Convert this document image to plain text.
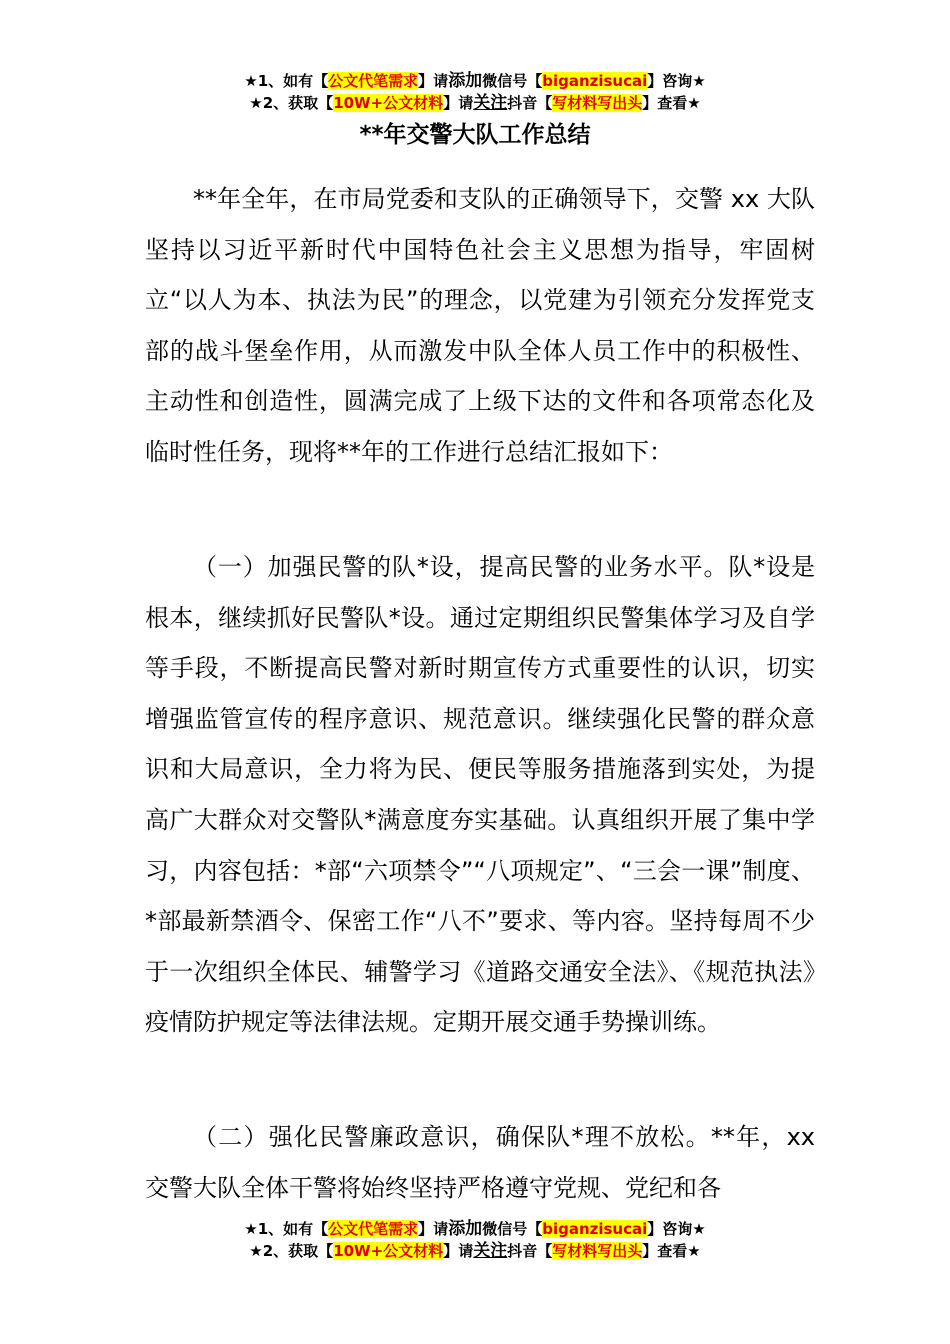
★1、如有【公文代笔需求】请添加微信号【biganzisucai】咨询★
★2、获取【10W+公文材料】请关注抖音【写材料写出头】查看★
**年交警大队工作总结

**年全年，在市局党委和支队的正确领导下，交警 xx 大队坚持以习近平新时代中国特色社会主义思想为指导，牢固树立“以人为本、执法为民”的理念，以党建为引领充分发挥党支部的战斗堡垒作用，从而激发中队全体人员工作中的积极性、主动性和创造性，圆满完成了上级下达的文件和各项常态化及临时性任务，现将**年的工作进行总结汇报如下：

（一）加强民警的队*设，提高民警的业务水平。队*设是根本，继续抓好民警队*设。通过定期组织民警集体学习及自学等手段，不断提高民警对新时期宣传方式重要性的认识，切实增强监管宣传的程序意识、规范意识。继续强化民警的群众意识和大局意识，全力将为民、便民等服务措施落到实处，为提高广大群众对交警队*满意度夯实基础。认真组织开展了集中学习，内容包括：*部“六项禁令”“八项规定”、“三会一课”制度、*部最新禁酒令、保密工作“八不”要求、等内容。坚持每周不少于一次组织全体民、辅警学习《道路交通安全法》、《规范执法》疫情防护规定等法律法规。定期开展交通手势操训练。

（二）强化民警廉政意识，确保队*理不放松。**年，xx 交警大队全体干警将始终坚持严格遵守党规、党纪和各

★1、如有【公文代笔需求】请添加微信号【biganzisucai】咨询★
★2、获取【10W+公文材料】请关注抖音【写材料写出头】查看★
